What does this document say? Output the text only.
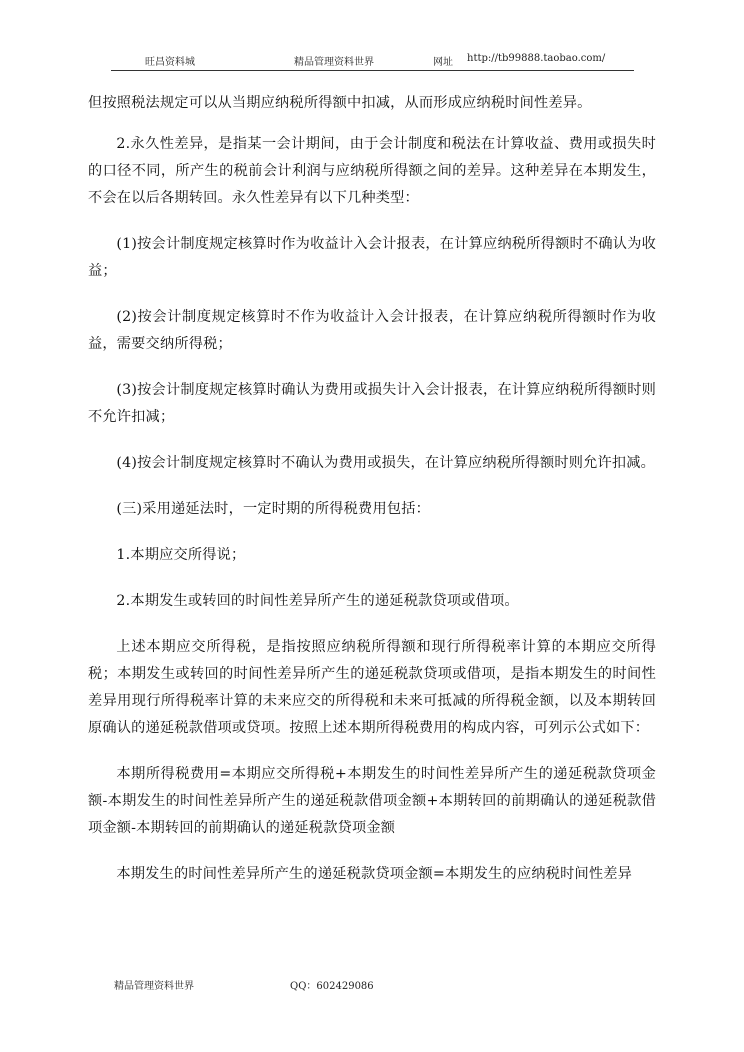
旺昌资料城	精品管理资料世界	网址 http://tb99888.taobao.com/

但按照税法规定可以从当期应纳税所得额中扣减，从而形成应纳税时间性差异。

2.永久性差异，是指某一会计期间，由于会计制度和税法在计算收益、费用或损失时的口径不同，所产生的税前会计利润与应纳税所得额之间的差异。这种差异在本期发生，不会在以后各期转回。永久性差异有以下几种类型：

(1)按会计制度规定核算时作为收益计入会计报表，在计算应纳税所得额时不确认为收益；

(2)按会计制度规定核算时不作为收益计入会计报表，在计算应纳税所得额时作为收益，需要交纳所得税；

(3)按会计制度规定核算时确认为费用或损失计入会计报表，在计算应纳税所得额时则不允许扣减；

(4)按会计制度规定核算时不确认为费用或损失，在计算应纳税所得额时则允许扣减。

(三)采用递延法时，一定时期的所得税费用包括：

1.本期应交所得说；

2.本期发生或转回的时间性差异所产生的递延税款贷项或借项。

上述本期应交所得税，是指按照应纳税所得额和现行所得税率计算的本期应交所得税；本期发生或转回的时间性差异所产生的递延税款贷项或借项，是指本期发生的时间性差异用现行所得税率计算的未来应交的所得税和未来可抵减的所得税金额，以及本期转回原确认的递延税款借项或贷项。按照上述本期所得税费用的构成内容，可列示公式如下：

本期所得税费用=本期应交所得税+本期发生的时间性差异所产生的递延税款贷项金额-本期发生的时间性差异所产生的递延税款借项金额+本期转回的前期确认的递延税款借项金额-本期转回的前期确认的递延税款贷项金额

本期发生的时间性差异所产生的递延税款贷项金额=本期发生的应纳税时间性差异

精品管理资料世界	QQ：602429086
